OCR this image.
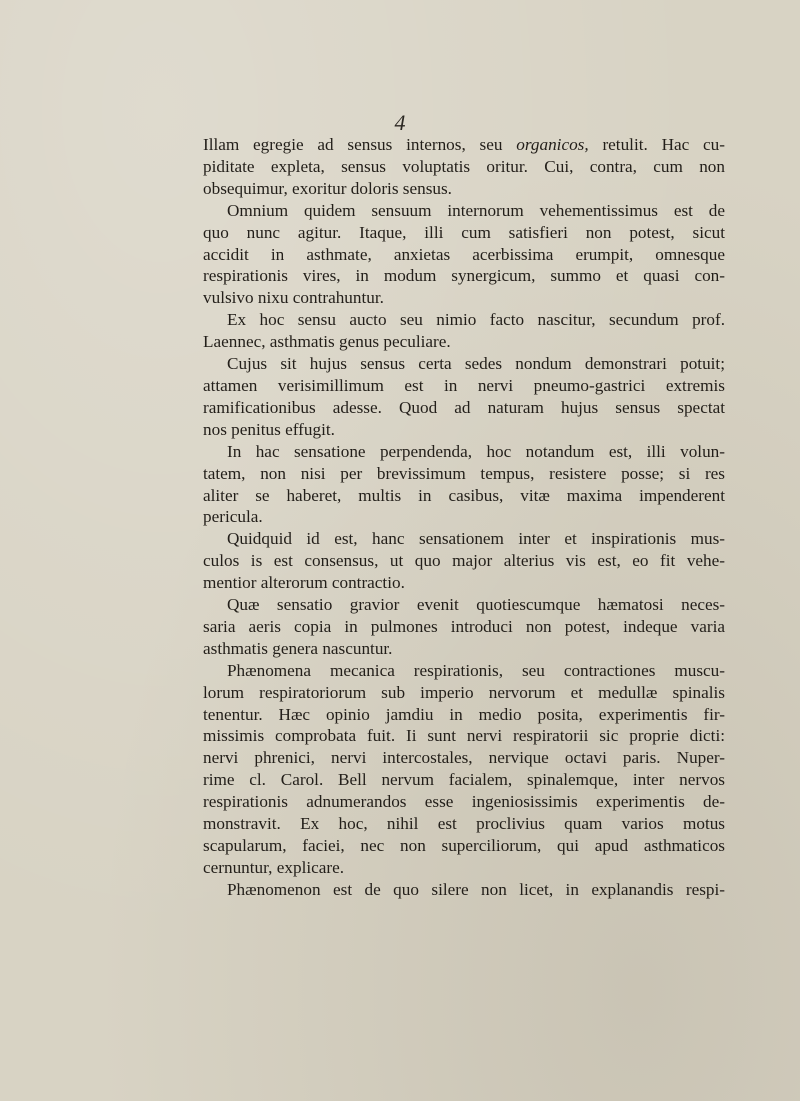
4
Illam egregie ad sensus internos, seu organicos, retulit. Hac cu-
piditate expleta, sensus voluptatis oritur. Cui, contra, cum non
obsequimur, exoritur doloris sensus.
Omnium quidem sensuum internorum vehementissimus est de
quo nunc agitur. Itaque, illi cum satisfieri non potest, sicut
accidit in asthmate, anxietas acerbissima erumpit, omnesque
respirationis vires, in modum synergicum, summo et quasi con-
vulsivo nixu contrahuntur.
Ex hoc sensu aucto seu nimio facto nascitur, secundum prof.
Laennec, asthmatis genus peculiare.
Cujus sit hujus sensus certa sedes nondum demonstrari potuit;
attamen verisimillimum est in nervi pneumo-gastrici extremis
ramificationibus adesse. Quod ad naturam hujus sensus spectat
nos penitus effugit.
In hac sensatione perpendenda, hoc notandum est, illi volun-
tatem, non nisi per brevissimum tempus, resistere posse; si res
aliter se haberet, multis in casibus, vitæ maxima impenderent
pericula.
Quidquid id est, hanc sensationem inter et inspirationis mus-
culos is est consensus, ut quo major alterius vis est, eo fit vehe-
mentior alterorum contractio.
Quæ sensatio gravior evenit quotiescumque hæmatosi neces-
saria aeris copia in pulmones introduci non potest, indeque varia
asthmatis genera nascuntur.
Phænomena mecanica respirationis, seu contractiones muscu-
lorum respiratoriorum sub imperio nervorum et medullæ spinalis
tenentur. Hæc opinio jamdiu in medio posita, experimentis fir-
missimis comprobata fuit. Ii sunt nervi respiratorii sic proprie dicti:
nervi phrenici, nervi intercostales, nervique octavi paris. Nuper-
rime cl. Carol. Bell nervum facialem, spinalemque, inter nervos
respirationis adnumerandos esse ingeniosissimis experimentis de-
monstravit. Ex hoc, nihil est proclivius quam varios motus
scapularum, faciei, nec non superciliorum, qui apud asthmaticos
cernuntur, explicare.
Phænomenon est de quo silere non licet, in explanandis respi-
